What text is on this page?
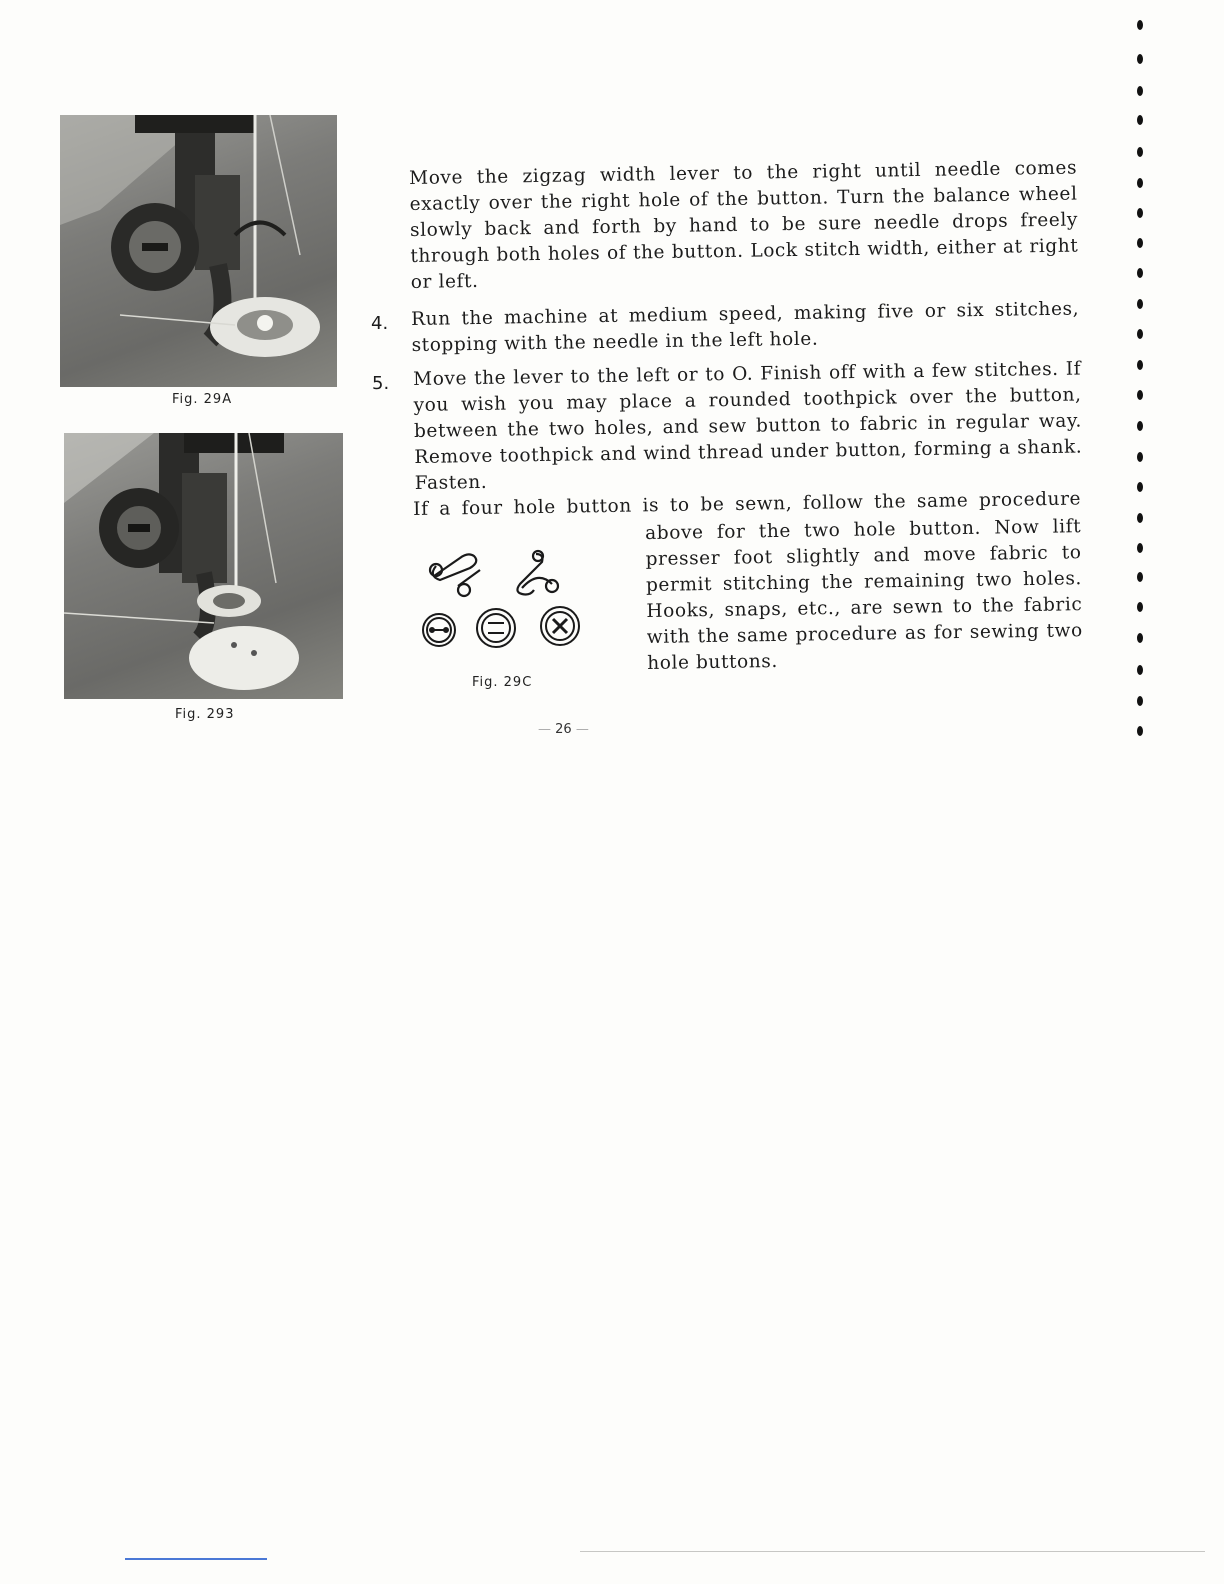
Fig. 29A
Fig. 293

Move the zigzag width lever to the right until needle comes exactly over the right hole of the button. Turn the balance wheel slowly back and forth by hand to be sure needle drops freely through both holes of the button. Lock stitch width, either at right or left.

4. Run the machine at medium speed, making five or six stitches, stopping with the needle in the left hole.

5. Move the lever to the left or to O. Finish off with a few stitches. If you wish you may place a rounded toothpick over the button, between the two holes, and sew button to fabric in regular way. Remove toothpick and wind thread under button, forming a shank. Fasten.

If a four hole button is to be sewn, follow the same procedure

above for the two hole button. Now lift presser foot slightly and move fabric to permit stitching the remaining two holes. Hooks, snaps, etc., are sewn to the fabric with the same procedure as for sewing two hole buttons.

Fig. 29C
— 26 —
